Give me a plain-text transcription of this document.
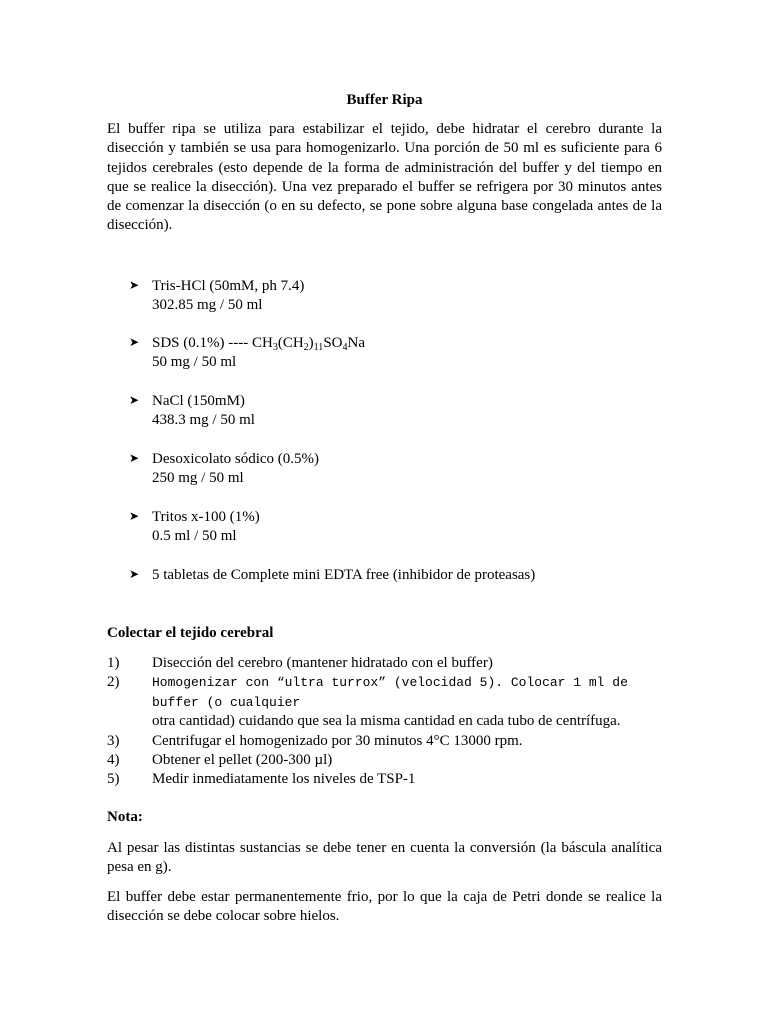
Buffer Ripa

El buffer ripa se utiliza para estabilizar el tejido, debe hidratar el cerebro durante la disección y también se usa para homogenizarlo. Una porción de 50 ml es suficiente para 6 tejidos cerebrales (esto depende de la forma de administración del buffer y del tiempo en que se realice la disección). Una vez preparado el buffer se refrigera por 30 minutos antes de comenzar la disección (o en su defecto, se pone sobre alguna base congelada antes de la disección).

➤ Tris-HCl (50mM, ph 7.4)
302.85 mg / 50 ml
➤ SDS (0.1%) ---- $CH_3(CH_2)_{11}SO_4Na$
50 mg / 50 ml
➤ NaCl (150mM)
438.3 mg / 50 ml
➤ Desoxicolato sódico (0.5%)
250 mg / 50 ml
➤ Tritos x-100 (1%)
0.5 ml / 50 ml
➤ 5 tabletas de Complete mini EDTA free (inhibidor de proteasas)
Colectar el tejido cerebral
1) Disección del cerebro (mantener hidratado con el buffer)
2)	Homogenizar con “ultra turrox” (velocidad 5). Colocar 1 ml de buffer (o cualquier
otra cantidad) cuidando que sea la misma cantidad en cada tubo de centrífuga.
3) Centrifugar el homogenizado por 30 minutos 4°C 13000 rpm.
4) Obtener el pellet (200-300 µl)
5) Medir inmediatamente los niveles de TSP-1
Nota:

Al pesar las distintas sustancias se debe tener en cuenta la conversión (la báscula analítica pesa en g).

El buffer debe estar permanentemente frio, por lo que la caja de Petri donde se realice la disección se debe colocar sobre hielos.
